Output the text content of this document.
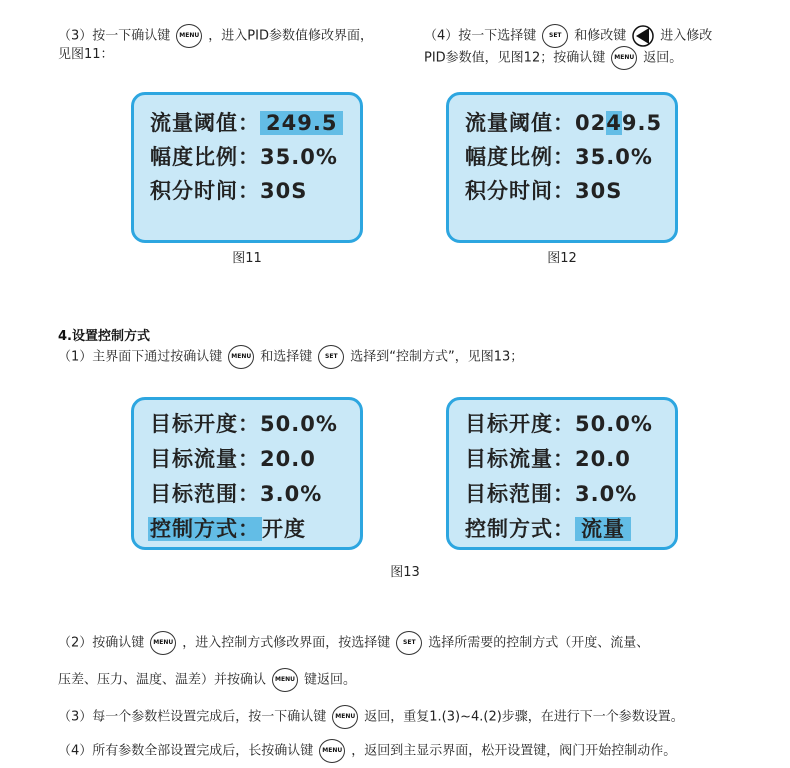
（3）按一下确认键 MENU ，进入PID参数值修改界面，
见图11：
（4）按一下选择键 SET 和修改键	进入修改
PID参数值，见图12；按确认键 MENU 返回。
流量阈值： 249.5
幅度比例：35.0%
积分时间：30S
图11
流量阈值：0249.5
幅度比例：35.0%
积分时间：30S
图12
4.设置控制方式
（1）主界面下通过按确认键 MENU 和选择键 SET 选择到“控制方式”，见图13；
目标开度：50.0%
目标流量：20.0
目标范围：3.0%
控制方式：开度
目标开度：50.0%
目标流量：20.0
目标范围：3.0%
控制方式： 流量
图13
（2）按确认键 MENU ，进入控制方式修改界面，按选择键 SET 选择所需要的控制方式（开度、流量、
压差、压力、温度、温差）并按确认 MENU 键返回。
（3）每一个参数栏设置完成后，按一下确认键 MENU 返回，重复1.(3)~4.(2)步骤，在进行下一个参数设置。
（4）所有参数全部设置完成后，长按确认键 MENU ，返回到主显示界面，松开设置键，阀门开始控制动作。
